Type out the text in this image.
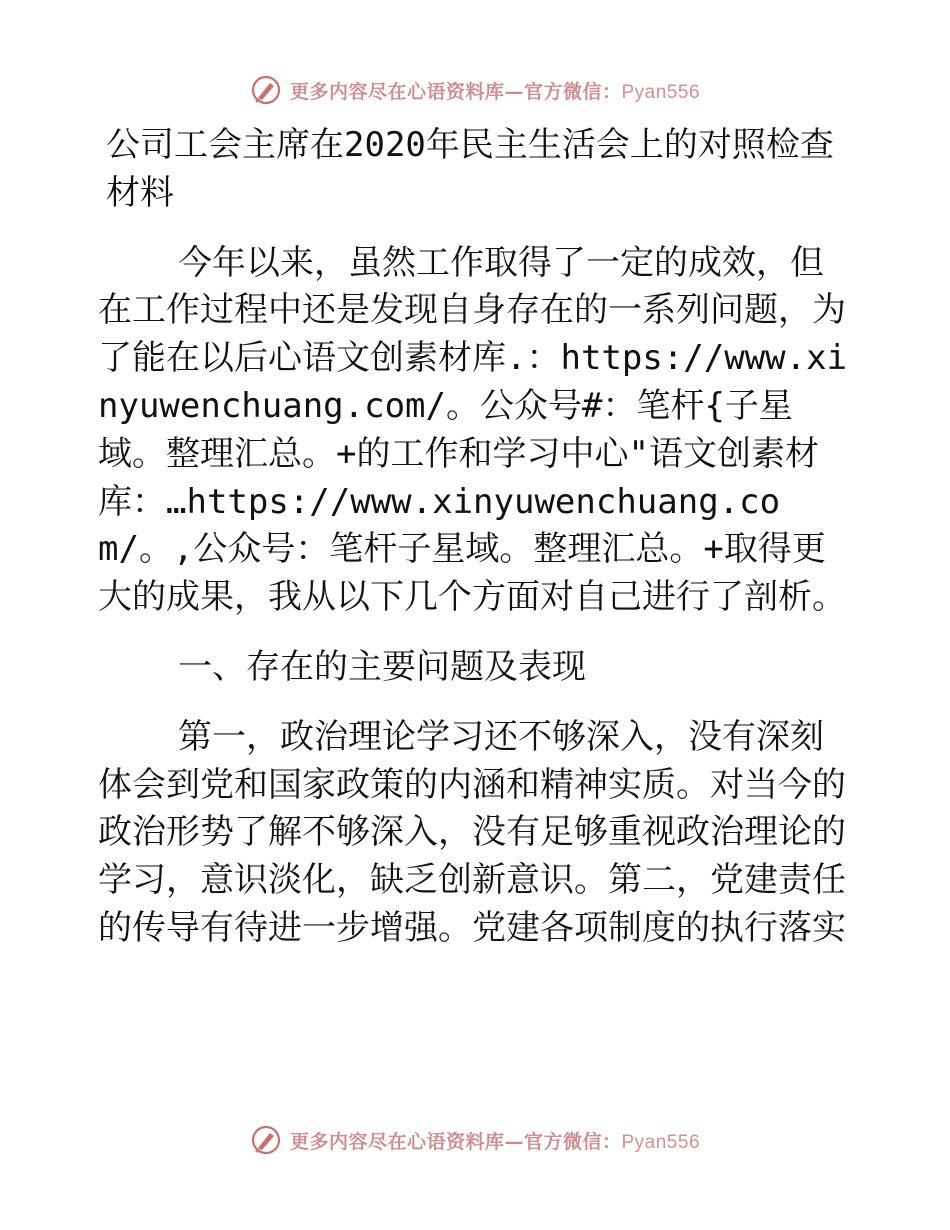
更多内容尽在心语资料库—官方微信：Pyan556

公司工会主席在2020年民主生活会上的对照检查材料

今年以来，虽然工作取得了一定的成效，但在工作过程中还是发现自身存在的一系列问题，为了能在以后心语文创素材库.：https://www.xinyuwenchuang.com/。公众号#：笔杆{子星域。整理汇总。+的工作和学习中心"语文创素材库：…https://www.xinyuwenchuang.com/。,公众号：笔杆子星域。整理汇总。+取得更大的成果，我从以下几个方面对自己进行了剖析。

一、存在的主要问题及表现

第一，政治理论学习还不够深入，没有深刻体会到党和国家政策的内涵和精神实质。对当今的政治形势了解不够深入，没有足够重视政治理论的学习，意识淡化，缺乏创新意识。第二，党建责任的传导有待进一步增强。党建各项制度的执行落实

更多内容尽在心语资料库—官方微信：Pyan556
